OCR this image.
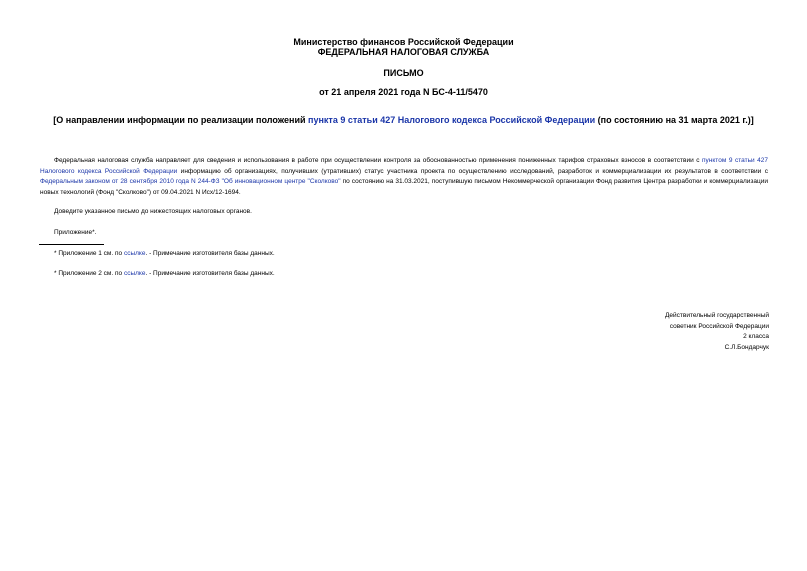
Министерство финансов Российской Федерации
ФЕДЕРАЛЬНАЯ НАЛОГОВАЯ СЛУЖБА
ПИСЬМО
от 21 апреля 2021 года N БС-4-11/5470
[О направлении информации по реализации положений пункта 9 статьи 427 Налогового кодекса Российской Федерации (по состоянию на 31 марта 2021 г.)]
Федеральная налоговая служба направляет для сведения и использования в работе при осуществлении контроля за обоснованностью применения пониженных тарифов страховых взносов в соответствии с пунктом 9 статьи 427 Налогового кодекса Российской Федерации информацию об организациях, получивших (утративших) статус участника проекта по осуществлению исследований, разработок и коммерциализации их результатов в соответствии с Федеральным законом от 28 сентября 2010 года N 244-ФЗ "Об инновационном центре "Сколково" по состоянию на 31.03.2021, поступившую письмом Некоммерческой организации Фонд развития Центра разработки и коммерциализации новых технологий (Фонд "Сколково") от 09.04.2021 N Исх/12-1694.
Доведите указанное письмо до нижестоящих налоговых органов.
Приложение*.
* Приложение 1 см. по ссылке. - Примечание изготовителя базы данных.
* Приложение 2 см. по ссылке. - Примечание изготовителя базы данных.
Действительный государственный
советник Российской Федерации
2 класса
С.Л.Бондарчук
